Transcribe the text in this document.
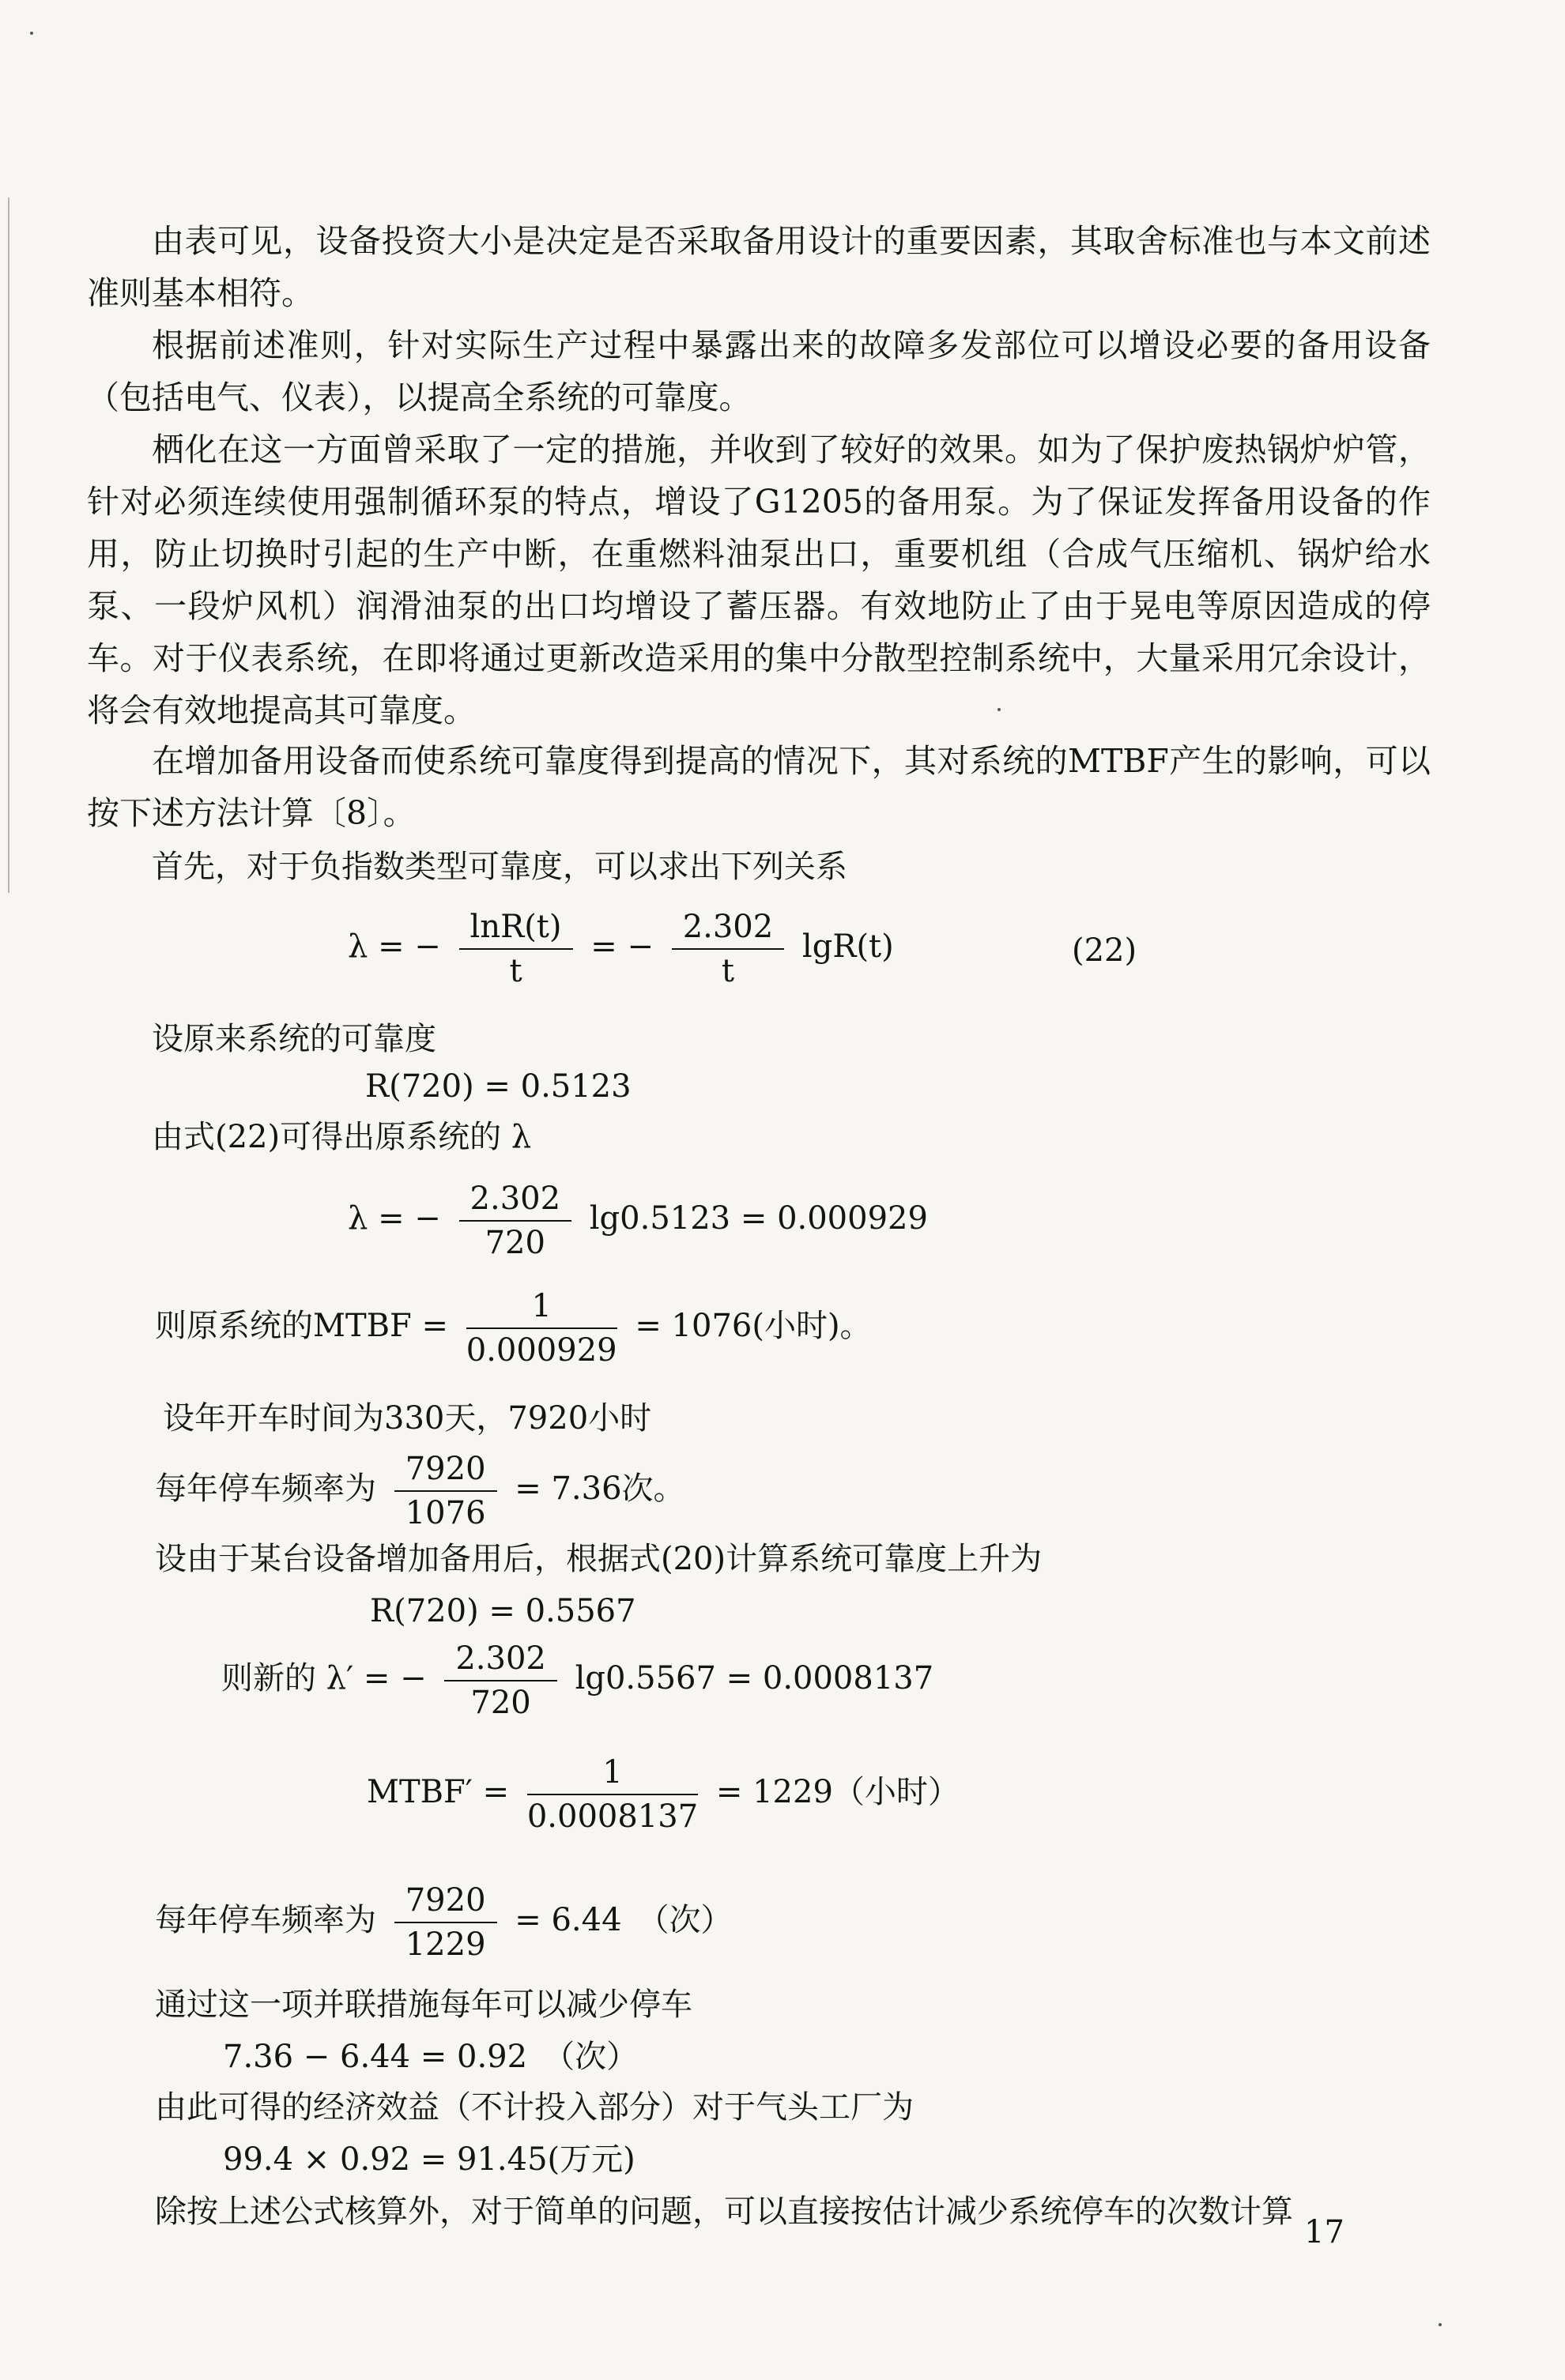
由表可见，设备投资大小是决定是否采取备用设计的重要因素，其取舍标准也与本文前述准则基本相符。

根据前述准则，针对实际生产过程中暴露出来的故障多发部位可以增设必要的备用设备（包括电气、仪表），以提高全系统的可靠度。

栖化在这一方面曾采取了一定的措施，并收到了较好的效果。如为了保护废热锅炉炉管，针对必须连续使用强制循环泵的特点，增设了G1205的备用泵。为了保证发挥备用设备的作用，防止切换时引起的生产中断，在重燃料油泵出口，重要机组（合成气压缩机、锅炉给水泵、一段炉风机）润滑油泵的出口均增设了蓄压器。有效地防止了由于晃电等原因造成的停车。对于仪表系统，在即将通过更新改造采用的集中分散型控制系统中，大量采用冗余设计，将会有效地提高其可靠度。

在增加备用设备而使系统可靠度得到提高的情况下，其对系统的MTBF产生的影响，可以按下述方法计算〔8〕。

首先，对于负指数类型可靠度，可以求出下列关系
λ = − $\frac{\ln R(t)}{t}$ = − $\frac{2.302}{t} \lg R(t)$	(22)
设原来系统的可靠度
R(720) = 0.5123
由式(22)可得出原系统的 λ
λ = − $\frac{2.302}{720} \lg 0.5123 = 0.000929$
则原系统的MTBF = $\frac{1}{0.000929} = 1076$(小时)。
设年开车时间为330天，7920小时
每年停车频率为 $\frac{7920}{1076} = 7.36$次。
设由于某台设备增加备用后，根据式(20)计算系统可靠度上升为
R(720) = 0.5567
则新的 λ′ = − $\frac{2.302}{720} \lg 0.5567 = 0.0008137$
MTBF′ = $\frac{1}{0.0008137} = 1229$（小时）
每年停车频率为 $\frac{7920}{1229} = 6.44$　（次）
通过这一项并联措施每年可以减少停车
7.36 − 6.44 = 0.92　（次）
由此可得的经济效益（不计投入部分）对于气头工厂为
99.4 × 0.92 = 91.45(万元)
除按上述公式核算外，对于简单的问题，可以直接按估计减少系统停车的次数计算
17
